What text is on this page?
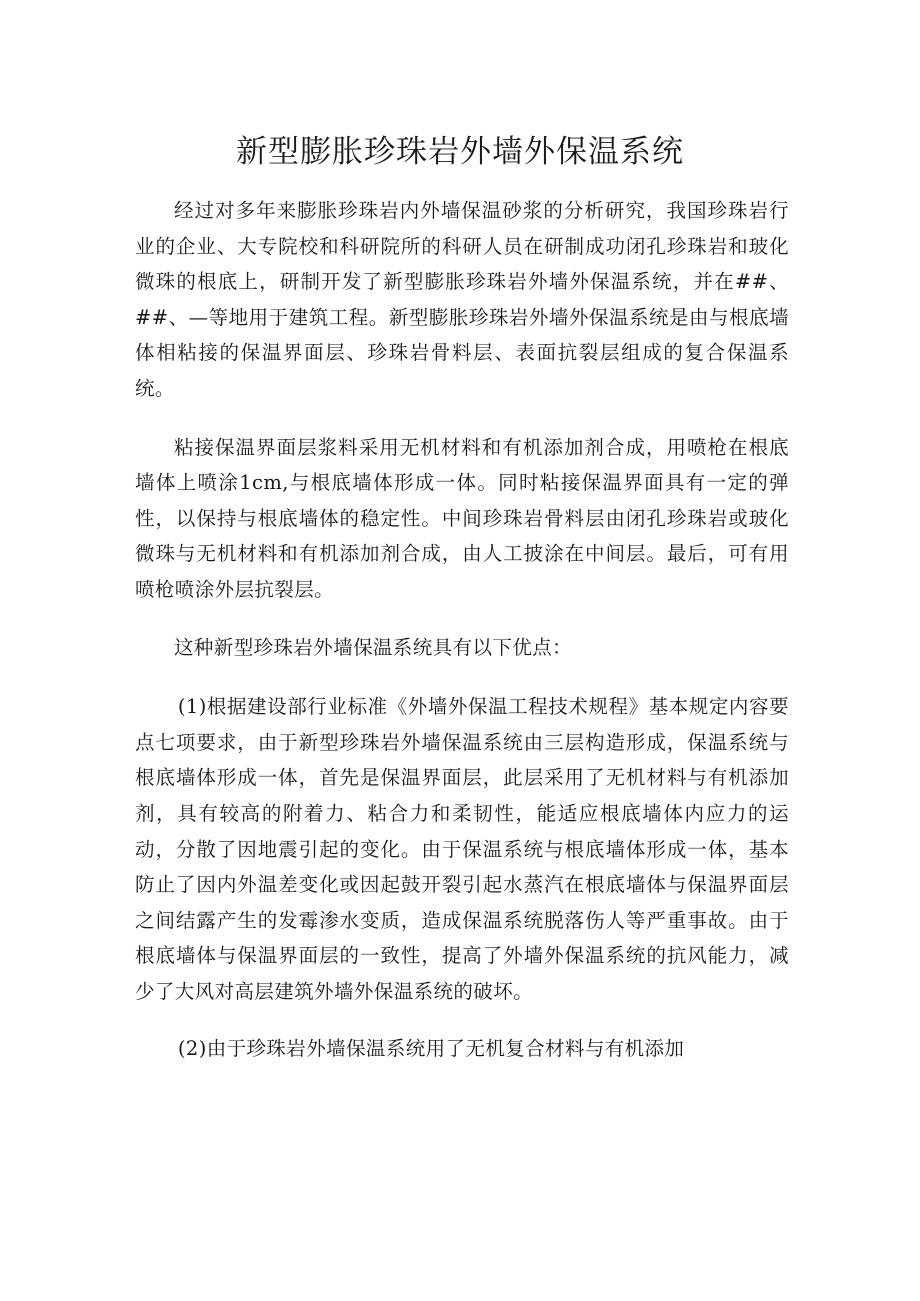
新型膨胀珍珠岩外墙外保温系统

经过对多年来膨胀珍珠岩内外墙保温砂浆的分析研究，我国珍珠岩行业的企业、大专院校和科研院所的科研人员在研制成功闭孔珍珠岩和玻化微珠的根底上，研制开发了新型膨胀珍珠岩外墙外保温系统，并在##、##、—等地用于建筑工程。新型膨胀珍珠岩外墙外保温系统是由与根底墙体相粘接的保温界面层、珍珠岩骨料层、表面抗裂层组成的复合保温系统。

粘接保温界面层浆料采用无机材料和有机添加剂合成，用喷枪在根底墙体上喷涂1cm,与根底墙体形成一体。同时粘接保温界面具有一定的弹性，以保持与根底墙体的稳定性。中间珍珠岩骨料层由闭孔珍珠岩或玻化微珠与无机材料和有机添加剂合成，由人工披涂在中间层。最后，可有用喷枪喷涂外层抗裂层。

这种新型珍珠岩外墙保温系统具有以下优点：

(1)根据建设部行业标准《外墙外保温工程技术规程》基本规定内容要点七项要求，由于新型珍珠岩外墙保温系统由三层构造形成，保温系统与根底墙体形成一体，首先是保温界面层，此层采用了无机材料与有机添加剂，具有较高的附着力、粘合力和柔韧性，能适应根底墙体内应力的运动，分散了因地震引起的变化。由于保温系统与根底墙体形成一体，基本防止了因内外温差变化或因起鼓开裂引起水蒸汽在根底墙体与保温界面层之间结露产生的发霉渗水变质，造成保温系统脱落伤人等严重事故。由于根底墙体与保温界面层的一致性，提高了外墙外保温系统的抗风能力，减少了大风对高层建筑外墙外保温系统的破坏。

(2)由于珍珠岩外墙保温系统用了无机复合材料与有机添加
